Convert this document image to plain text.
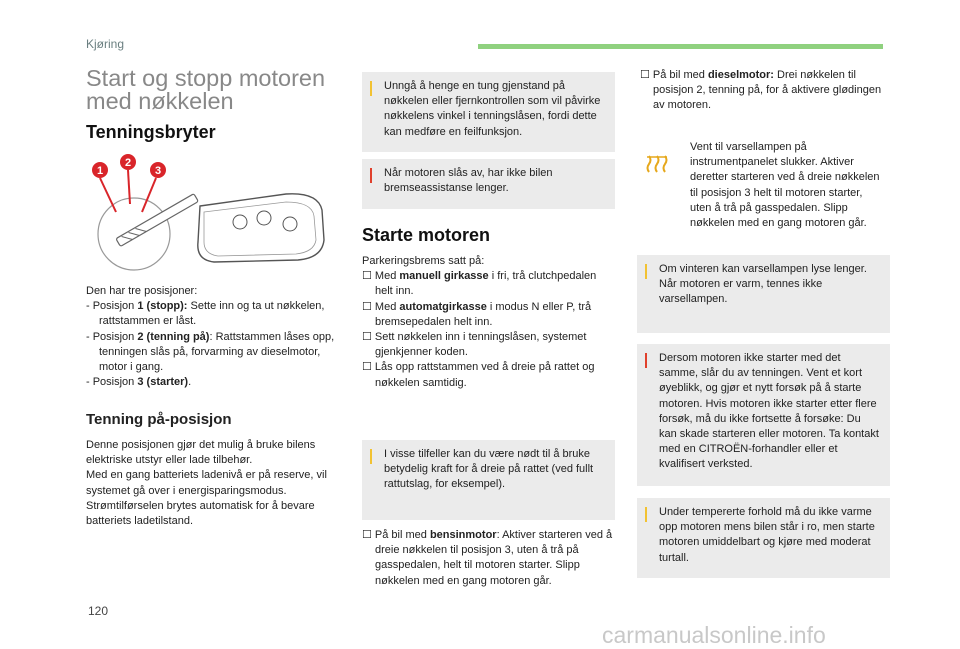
Kjøring
Start og stopp motoren
med nøkkelen
Tenningsbryter
1
2
3
Den har tre posisjoner:
- Posisjon 1 (stopp): Sette inn og ta ut nøkkelen, rattstammen er låst.
- Posisjon 2 (tenning på): Rattstammen låses opp, tenningen slås på, forvarming av dieselmotor, motor i gang.
- Posisjon 3 (starter).
Tenning på-posisjon
Denne posisjonen gjør det mulig å bruke bilens elektriske utstyr eller lade tilbehør.
Med en gang batteriets ladenivå er på reserve, vil systemet gå over i energisparingsmodus.
Strømtilførselen brytes automatisk for å bevare batteriets ladetilstand.
Unngå å henge en tung gjenstand på nøkkelen eller fjernkontrollen som vil påvirke nøkkelens vinkel i tenningslåsen, fordi dette kan medføre en feilfunksjon.
Når motoren slås av, har ikke bilen bremseassistanse lenger.
Starte motoren
Parkeringsbrems satt på:
☐ Med manuell girkasse i fri, trå clutchpedalen helt inn.
☐ Med automatgirkasse i modus N eller P, trå bremsepedalen helt inn.
☐ Sett nøkkelen inn i tenningslåsen, systemet gjenkjenner koden.
☐ Lås opp rattstammen ved å dreie på rattet og nøkkelen samtidig.
I visse tilfeller kan du være nødt til å bruke betydelig kraft for å dreie på rattet (ved fullt rattutslag, for eksempel).
☐ På bil med bensinmotor: Aktiver starteren ved å dreie nøkkelen til posisjon 3, uten å trå på gasspedalen, helt til motoren starter. Slipp nøkkelen med en gang motoren går.
☐ På bil med dieselmotor: Drei nøkkelen til posisjon 2, tenning på, for å aktivere glødingen av motoren.
Vent til varsellampen på instrumentpanelet slukker. Aktiver deretter starteren ved å dreie nøkkelen til posisjon 3 helt til motoren starter, uten å trå på gasspedalen. Slipp nøkkelen med en gang motoren går.
Om vinteren kan varsellampen lyse lenger. Når motoren er varm, tennes ikke varsellampen.
Dersom motoren ikke starter med det samme, slår du av tenningen. Vent et kort øyeblikk, og gjør et nytt forsøk på å starte motoren. Hvis motoren ikke starter etter flere forsøk, må du ikke fortsette å forsøke: Du kan skade starteren eller motoren. Ta kontakt med en CITROËN-forhandler eller et kvalifisert verksted.
Under tempererte forhold må du ikke varme opp motoren mens bilen står i ro, men starte motoren umiddelbart og kjøre med moderat turtall.
120
carmanualsonline.info
